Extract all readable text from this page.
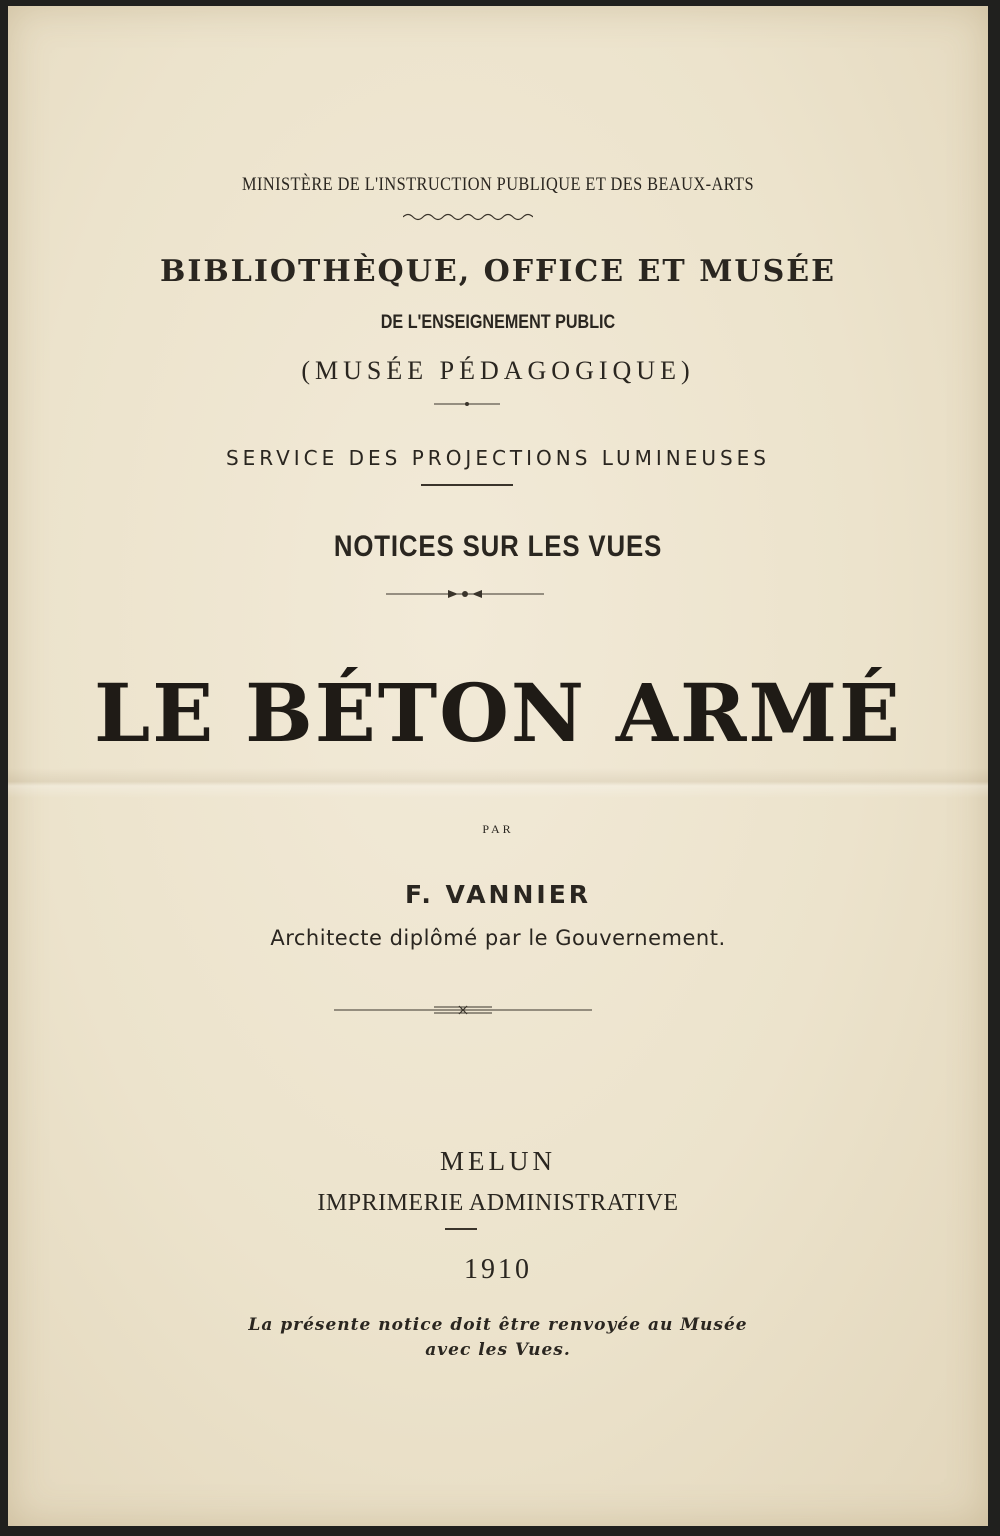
MINISTÈRE DE L'INSTRUCTION PUBLIQUE ET DES BEAUX-ARTS
BIBLIOTHÈQUE, OFFICE ET MUSÉE
DE L'ENSEIGNEMENT PUBLIC
(MUSÉE PÉDAGOGIQUE)
SERVICE DES PROJECTIONS LUMINEUSES
NOTICES SUR LES VUES
LE BÉTON ARMÉ
PAR
F. VANNIER
Architecte diplômé par le Gouvernement.
MELUN
IMPRIMERIE ADMINISTRATIVE
1910
La présente notice doit être renvoyée au Musée
avec les Vues.
